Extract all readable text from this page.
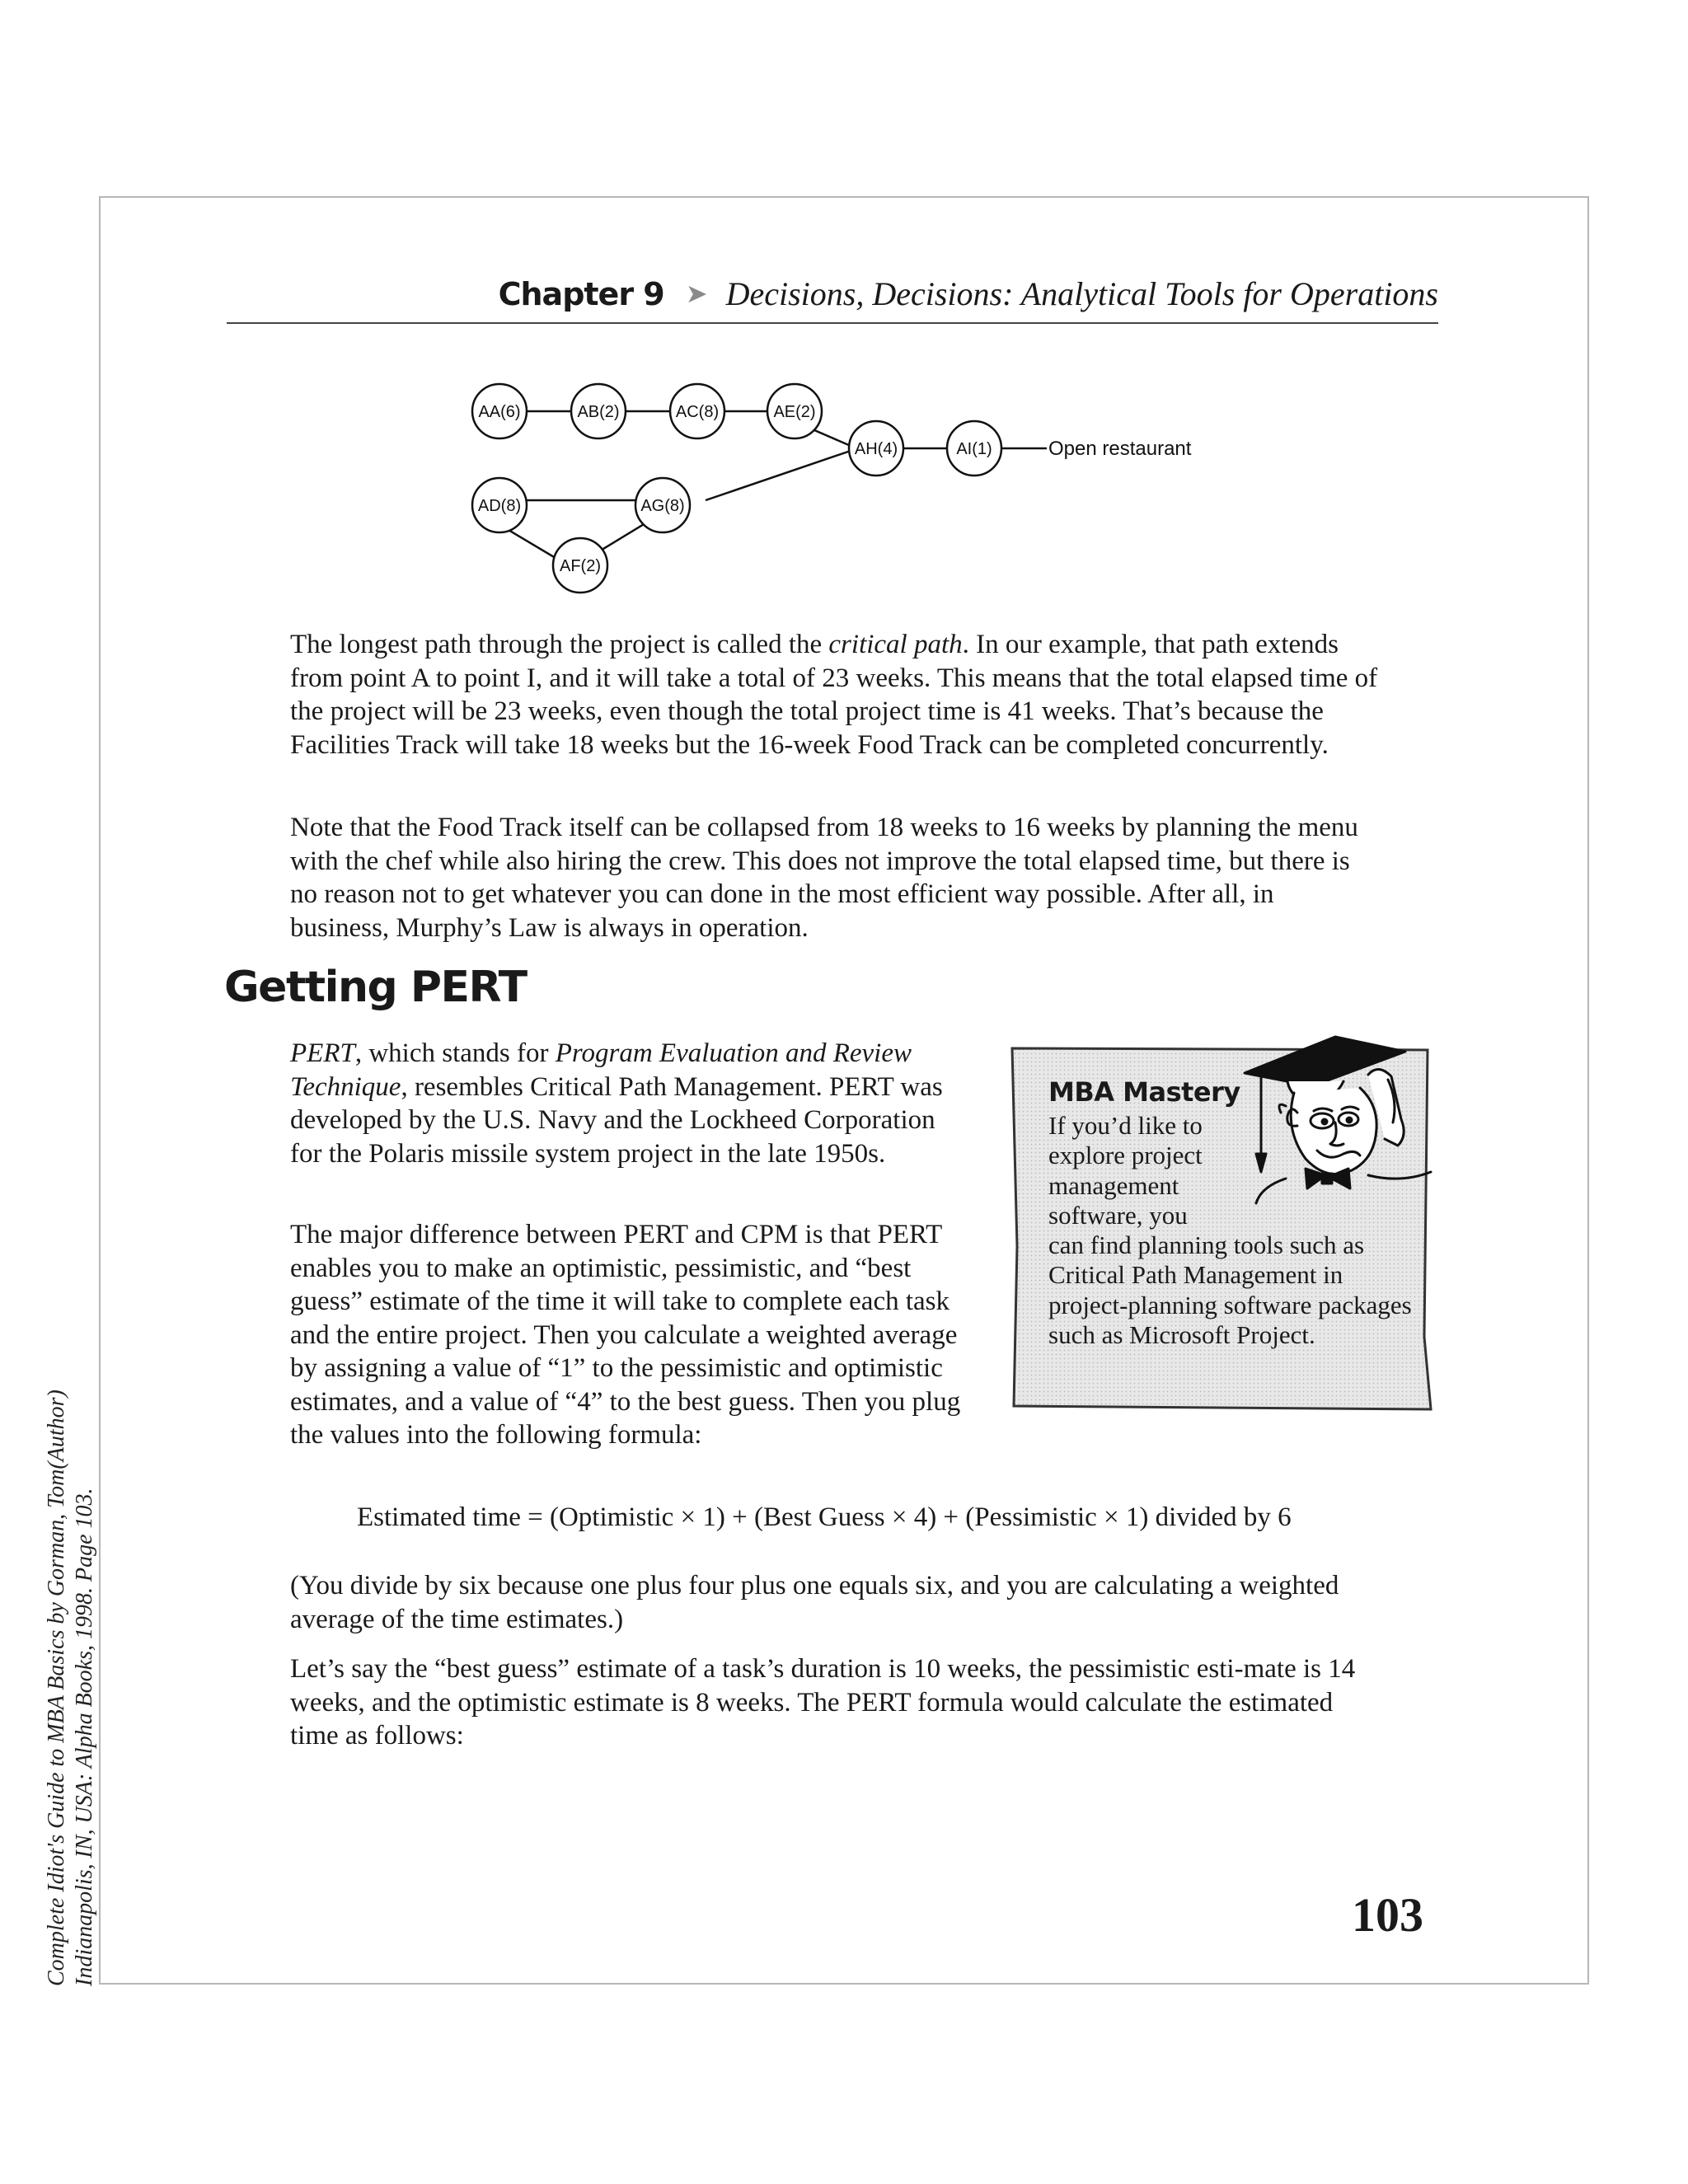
Chapter 9 ➤ Decisions, Decisions: Analytical Tools for Operations
AA(6)	AB(2)	AC(8)	AE(2)
AH(4)	AI(1)
AD(8)	AG(8)
AF(2)
Open restaurant

The longest path through the project is called the critical path. In our example, that path extends from point A to point I, and it will take a total of 23 weeks. This means that the total elapsed time of the project will be 23 weeks, even though the total project time is 41 weeks. That’s because the Facilities Track will take 18 weeks but the 16-week Food Track can be completed concurrently.

Note that the Food Track itself can be collapsed from 18 weeks to 16 weeks by planning the menu with the chef while also hiring the crew. This does not improve the total elapsed time, but there is no reason not to get whatever you can done in the most efficient way possible. After all, in business, Murphy’s Law is always in operation.

Getting PERT

PERT, which stands for Program Evaluation and Review Technique, resembles Critical Path Management. PERT was developed by the U.S. Navy and the Lockheed Corporation for the Polaris missile system project in the late 1950s.

The major difference between PERT and CPM is that PERT enables you to make an optimistic, pessimistic, and “best guess” estimate of the time it will take to complete each task and the entire project. Then you calculate a weighted average by assigning a value of “1” to the pessimistic and optimistic estimates, and a value of “4” to the best guess. Then you plug the values into the following formula:

Estimated time = (Optimistic × 1) + (Best Guess × 4) + (Pessimistic × 1) divided by 6

(You divide by six because one plus four plus one equals six, and you are calculating a weighted average of the time estimates.)

Let’s say the “best guess” estimate of a task’s duration is 10 weeks, the pessimistic esti-mate is 14 weeks, and the optimistic estimate is 8 weeks. The PERT formula would calculate the estimated time as follows:

MBA Mastery

If you’d like to explore project management software, you
can find planning tools such as Critical Path Management in project-planning software packages such as Microsoft Project.

103
Complete Idiot's Guide to MBA Basics by Gorman, Tom(Author) Indianapolis, IN, USA: Alpha Books, 1998. Page 103.
